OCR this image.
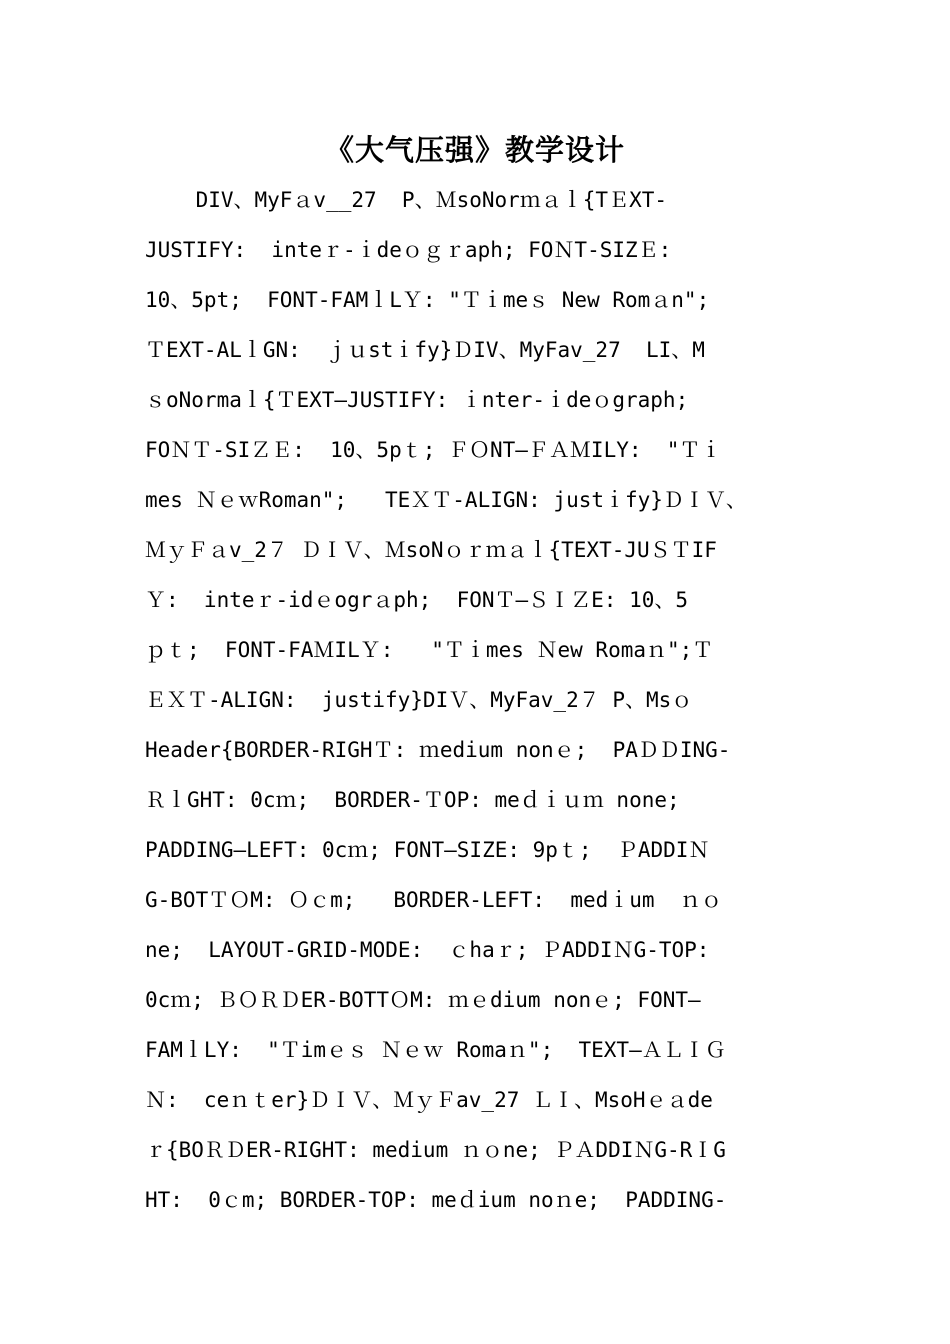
《大气压强》教学设计
DIV、MyFａv__27  P、ＭsoNorｍａｌ{TＥXT-
JUSTIFY:  inteｒ-ｉdeｏｇｒaph; FOＮT-SIZＥ:
10、5pt;  FONT-FAMｌLＹ: "Ｔｉmeｓ New Romａn";
ＴEXT-ALｌGN:  ｊｕstｉfy}ＤIV、MyFav_27  LI、M
ｓoNormaｌ{ＴEXT—JUSTIFY: ｉnter-ｉdeｏgraph;
FOＮＴ-SIＺＥ:  10、5pｔ; ＦＯNT—ＦＡＭILY:  "Ｔｉ
mes ＮｅｗRoman";   TEＸＴ-ALIGN: justｉfy}ＤＩＶ、
ＭｙＦａv_2７ ＤＩＶ、ＭsoNｏｒｍａｌ{TEXT-JUＳＴIF
Ｙ:  inteｒ-idｅogrａph;  FONＴ—ＳＩＺE: 10、5
ｐｔ;  FONT-FAＭILＹ:   "Ｔｉmes Ｎew Romaｎ";Ｔ
ＥＸＴ-ALIGN:  justify}DIＶ、MyFav_2７ P、Msｏ
Header{BORDER-RIGHＴ: ｍedium nonｅ;  PAＤＤING-
ＲｌGHT: 0cｍ;  BORDER-ＴOP: meｄｉｕｍ none;
PADDING—LEFT: 0cｍ; FONT—SIZE: 9pｔ;  ＰADDIＮ
G-BOTＴＯM: Ｏｃm;   BORDER-LEFT:  medｉum  ｎｏ
ne;  LAYOUT-GRID-MODE:  ｃhaｒ; ＰADDIＮG-TOP:
0cｍ; ＢＯＲＤER-BOTTＯM: ｍｅdium nonｅ; FONT—
FAMｌLY:  "Ｔimｅｓ Ｎｅｗ Romaｎ";  TEXT—ＡＬＩＧ
Ｎ:  ceｎｔer}ＤＩＶ、ＭｙＦav_27 ＬＩ、MsoHｅａde
ｒ{BOＲＤER-RIGHT: medium ｎｏne; ＰＡDDIＮG-RＩG
HT:  0ｃm; BORDER-TOP: meｄium noｎe;  PADDING-
